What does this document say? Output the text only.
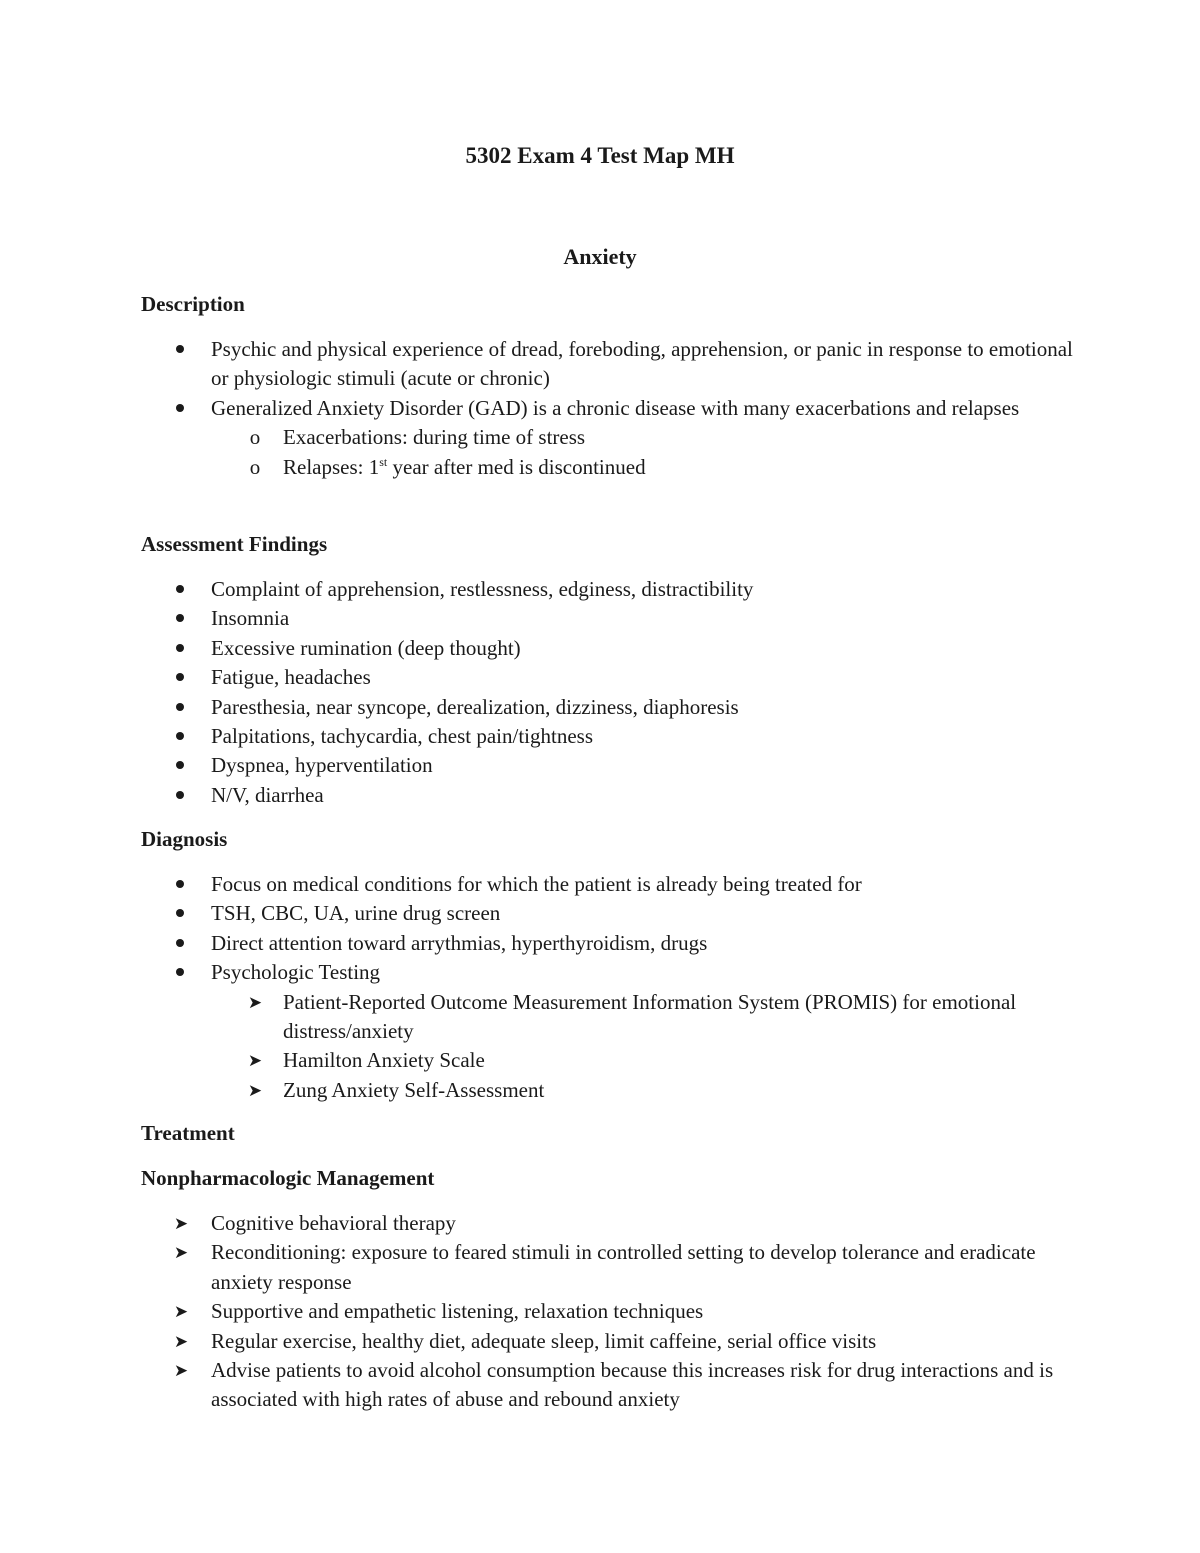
5302 Exam 4 Test Map MH
Anxiety
Description
Psychic and physical experience of dread, foreboding, apprehension, or panic in response to emotional or physiologic stimuli (acute or chronic)
Generalized Anxiety Disorder (GAD) is a chronic disease with many exacerbations and relapses
o Exacerbations: during time of stress
o Relapses: 1st year after med is discontinued
Assessment Findings
Complaint of apprehension, restlessness, edginess, distractibility
Insomnia
Excessive rumination (deep thought)
Fatigue, headaches
Paresthesia, near syncope, derealization, dizziness, diaphoresis
Palpitations, tachycardia, chest pain/tightness
Dyspnea, hyperventilation
N/V, diarrhea
Diagnosis
Focus on medical conditions for which the patient is already being treated for
TSH, CBC, UA, urine drug screen
Direct attention toward arrythmias, hyperthyroidism, drugs
Psychologic Testing
➤ Patient-Reported Outcome Measurement Information System (PROMIS) for emotional distress/anxiety
➤ Hamilton Anxiety Scale
➤ Zung Anxiety Self-Assessment
Treatment
Nonpharmacologic Management
➤ Cognitive behavioral therapy
➤ Reconditioning: exposure to feared stimuli in controlled setting to develop tolerance and eradicate anxiety response
➤ Supportive and empathetic listening, relaxation techniques
➤ Regular exercise, healthy diet, adequate sleep, limit caffeine, serial office visits
➤ Advise patients to avoid alcohol consumption because this increases risk for drug interactions and is associated with high rates of abuse and rebound anxiety
